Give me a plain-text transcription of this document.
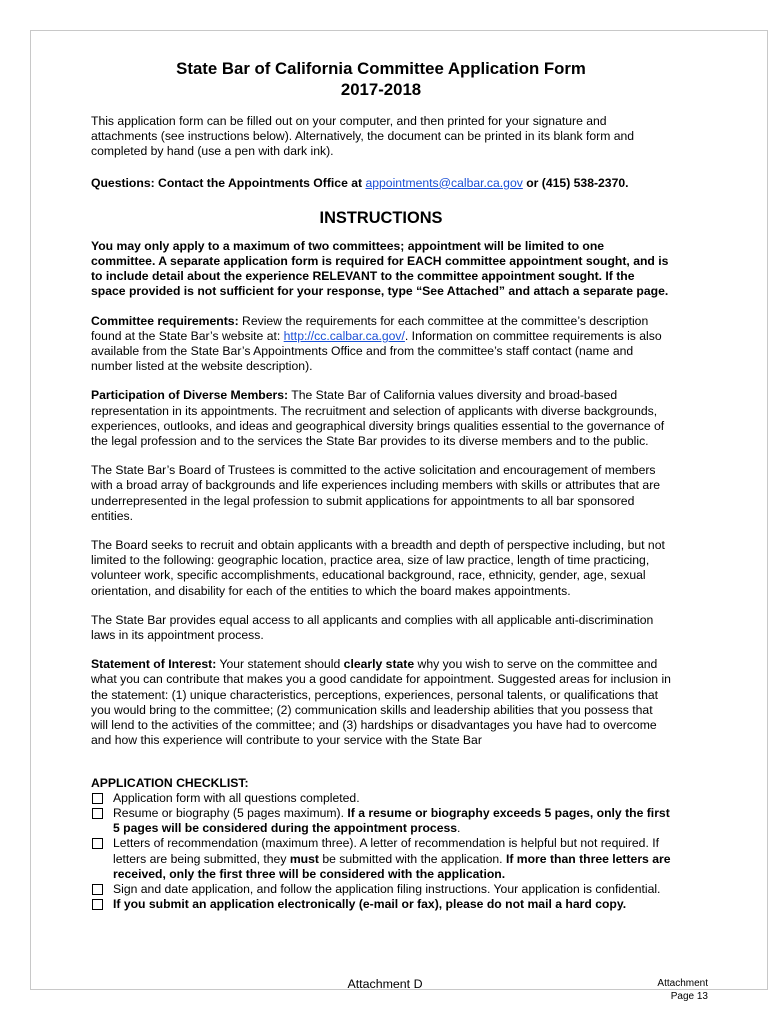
State Bar of California Committee Application Form
2017-2018

This application form can be filled out on your computer, and then printed for your signature and attachments (see instructions below). Alternatively, the document can be printed in its blank form and completed by hand (use a pen with dark ink).

Questions: Contact the Appointments Office at appointments@calbar.ca.gov or (415) 538-2370.

INSTRUCTIONS

You may only apply to a maximum of two committees; appointment will be limited to one committee. A separate application form is required for EACH committee appointment sought, and is to include detail about the experience RELEVANT to the committee appointment sought. If the space provided is not sufficient for your response, type “See Attached” and attach a separate page.

Committee requirements: Review the requirements for each committee at the committee’s description found at the State Bar’s website at: http://cc.calbar.ca.gov/. Information on committee requirements is also available from the State Bar’s Appointments Office and from the committee’s staff contact (name and number listed at the website description).

Participation of Diverse Members: The State Bar of California values diversity and broad-based representation in its appointments. The recruitment and selection of applicants with diverse backgrounds, experiences, outlooks, and ideas and geographical diversity brings qualities essential to the governance of the legal profession and to the services the State Bar provides to its diverse members and to the public.

The State Bar’s Board of Trustees is committed to the active solicitation and encouragement of members with a broad array of backgrounds and life experiences including members with skills or attributes that are underrepresented in the legal profession to submit applications for appointments to all bar sponsored entities.

The Board seeks to recruit and obtain applicants with a breadth and depth of perspective including, but not limited to the following: geographic location, practice area, size of law practice, length of time practicing, volunteer work, specific accomplishments, educational background, race, ethnicity, gender, age, sexual orientation, and disability for each of the entities to which the board makes appointments.

The State Bar provides equal access to all applicants and complies with all applicable anti-discrimination laws in its appointment process.

Statement of Interest: Your statement should clearly state why you wish to serve on the committee and what you can contribute that makes you a good candidate for appointment. Suggested areas for inclusion in the statement: (1) unique characteristics, perceptions, experiences, personal talents, or qualifications that you would bring to the committee; (2) communication skills and leadership abilities that you possess that will lend to the activities of the committee; and (3) hardships or disadvantages you have had to overcome and how this experience will contribute to your service with the State Bar

APPLICATION CHECKLIST:

Application form with all questions completed.
Resume or biography (5 pages maximum). If a resume or biography exceeds 5 pages, only the first 5 pages will be considered during the appointment process.
Letters of recommendation (maximum three). A letter of recommendation is helpful but not required. If letters are being submitted, they must be submitted with the application. If more than three letters are received, only the first three will be considered with the application.
Sign and date application, and follow the application filing instructions. Your application is confidential.
If you submit an application electronically (e-mail or fax), please do not mail a hard copy.
Attachment D	Attachment
Page 13
